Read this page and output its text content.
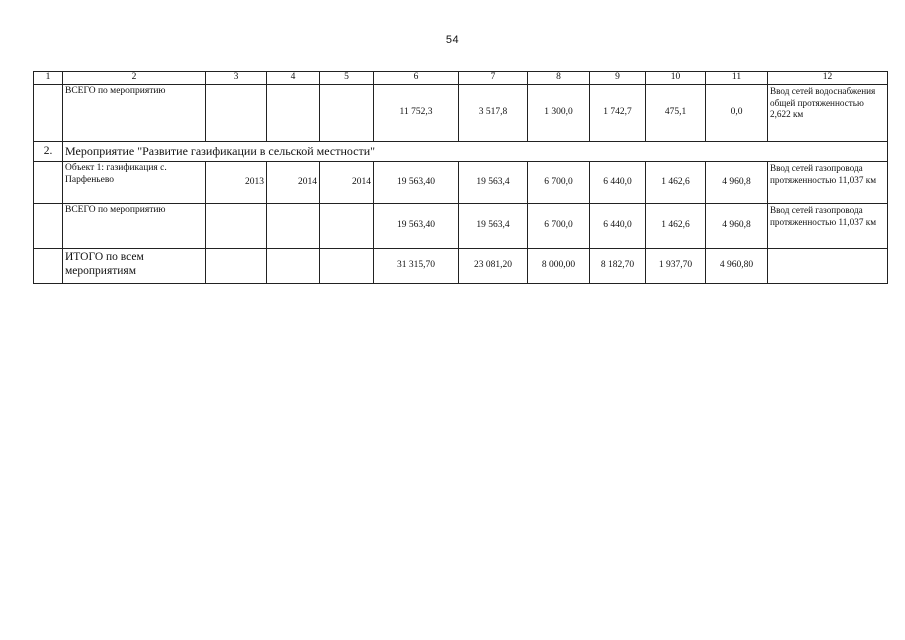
54
1	2	3	4	5	6	7	8	9	10	11	12
	ВСЕГО по мероприятию				11 752,3	3 517,8	1 300,0	1 742,7	475,1	0,0	Ввод сетей водоснабжения общей протяженностью 2,622 км
2.	Мероприятие "Развитие газификации в сельской местности"										
	Объект 1: газификация с. Парфеньево	2013	2014	2014	19 563,40	19 563,4	6 700,0	6 440,0	1 462,6	4 960,8	Ввод сетей газопровода протяженностью 11,037 км
	ВСЕГО по мероприятию				19 563,40	19 563,4	6 700,0	6 440,0	1 462,6	4 960,8	Ввод сетей газопровода протяженностью 11,037 км
	ИТОГО по всем мероприятиям				31 315,70	23 081,20	8 000,00	8 182,70	1 937,70	4 960,80	
